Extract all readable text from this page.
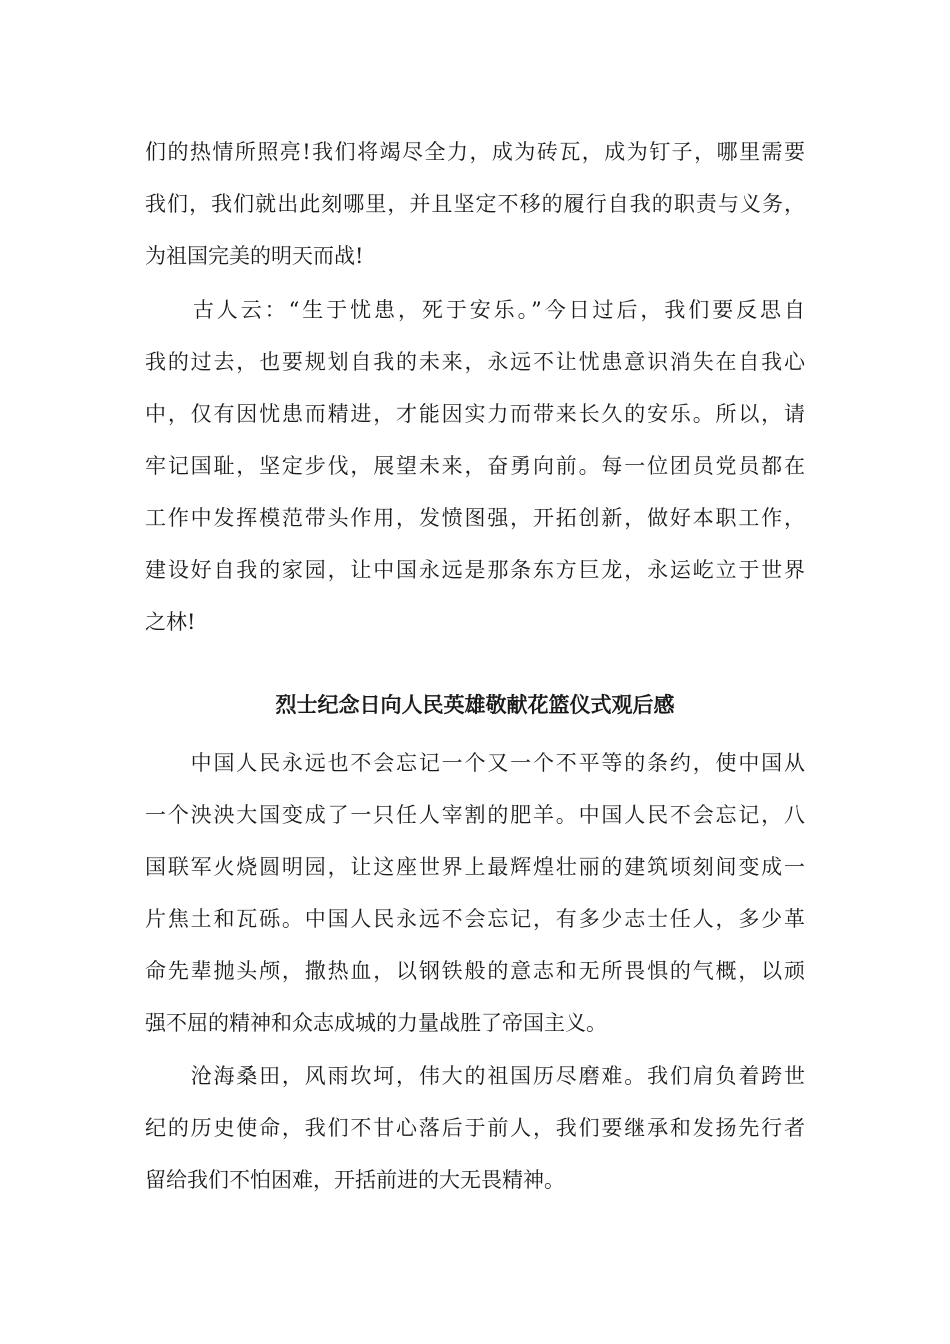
们的热情所照亮!我们将竭尽全力，成为砖瓦，成为钉子，哪里需要
我们，我们就出此刻哪里，并且坚定不移的履行自我的职责与义务，
为祖国完美的明天而战!
　　古人云：“生于忧患，死于安乐。”今日过后，我们要反思自
我的过去，也要规划自我的未来，永远不让忧患意识消失在自我心
中，仅有因忧患而精进，才能因实力而带来长久的安乐。所以，请
牢记国耻，坚定步伐，展望未来，奋勇向前。每一位团员党员都在
工作中发挥模范带头作用，发愤图强，开拓创新，做好本职工作，
建设好自我的家园，让中国永远是那条东方巨龙，永运屹立于世界
之林!
烈士纪念日向人民英雄敬献花篮仪式观后感
　　中国人民永远也不会忘记一个又一个不平等的条约，使中国从
一个泱泱大国变成了一只任人宰割的肥羊。中国人民不会忘记，八
国联军火烧圆明园，让这座世界上最辉煌壮丽的建筑顷刻间变成一
片焦土和瓦砾。中国人民永远不会忘记，有多少志士任人，多少革
命先辈抛头颅，撒热血，以钢铁般的意志和无所畏惧的气概，以顽
强不屈的精神和众志成城的力量战胜了帝国主义。
　　沧海桑田，风雨坎坷，伟大的祖国历尽磨难。我们肩负着跨世
纪的历史使命，我们不甘心落后于前人，我们要继承和发扬先行者
留给我们不怕困难，开括前进的大无畏精神。
